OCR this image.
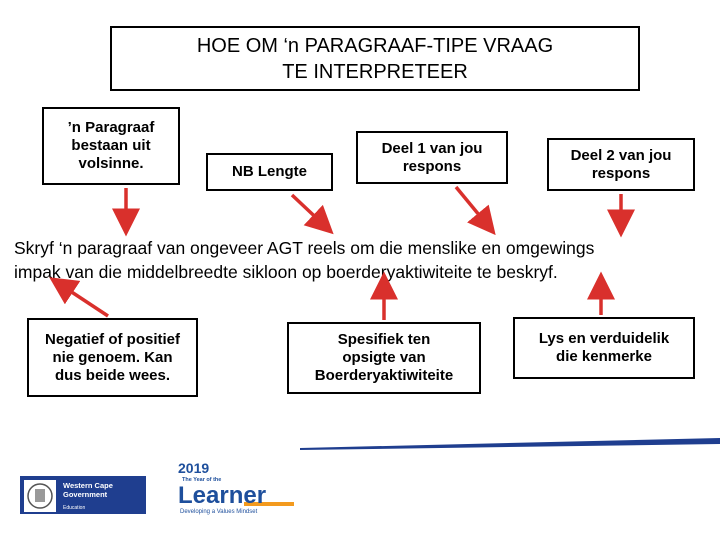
HOE OM ‘n PARAGRAAF-TIPE VRAAG
TE INTERPRETEER
’n Paragraaf
bestaan uit
volsinne.	NB Lengte
Deel 1 van jou
respons
Deel 2 van jou
respons
Skryf ‘n paragraaf van ongeveer AGT reels om die menslike en omgewings
impak van die middelbreedte sikloon op boerderyaktiwiteite te beskryf.
Negatief of positief
nie genoem. Kan
dus beide wees.
Spesifiek ten
opsigte van
Boerderyaktiwiteite
Lys en verduidelik
die kenmerke
Western Cape
Government
Education
2019
The Year of the
Learner
Developing a Values Mindset
